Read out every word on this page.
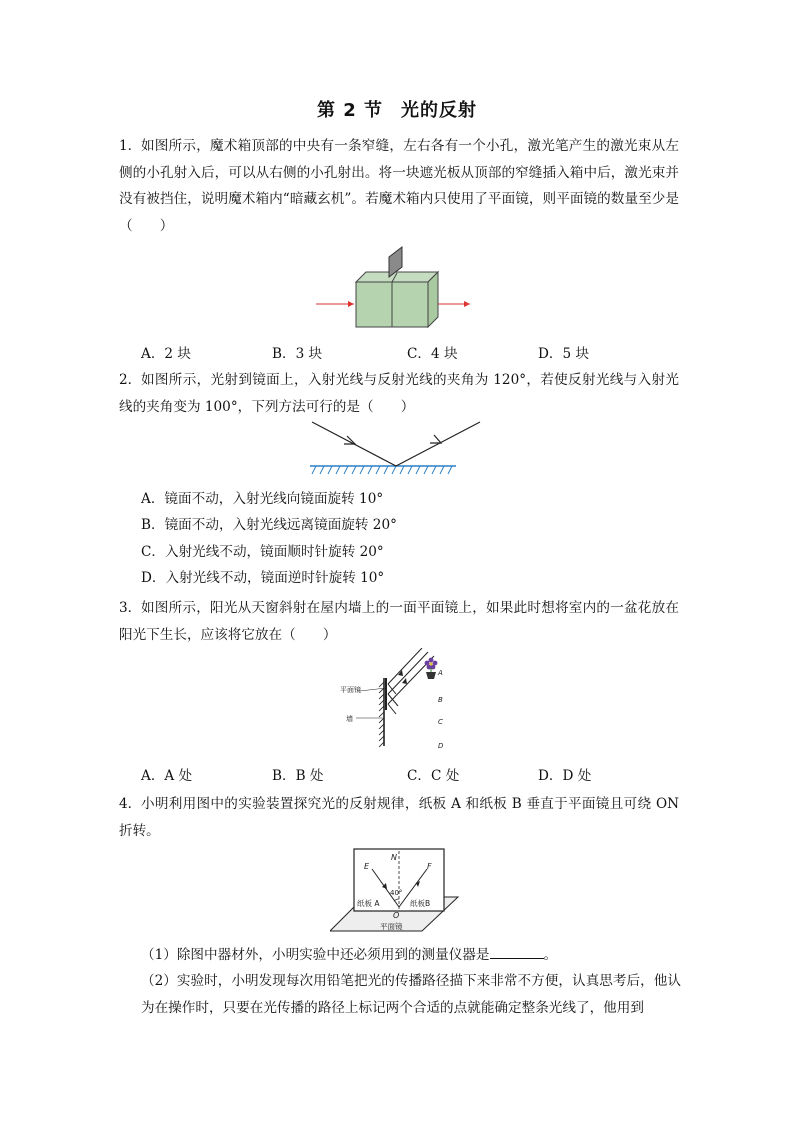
第 2 节 光的反射
1． 如图所示，魔术箱顶部的中央有一条窄缝，左右各有一个小孔，激光笔产生的激光束从左侧的小孔射入后，可以从右侧的小孔射出。将一块遮光板从顶部的窄缝插入箱中后，激光束并没有被挡住，说明魔术箱内“暗藏玄机”。若魔术箱内只使用了平面镜，则平面镜的数量至少是（　　）
A．2 块	B．3 块	C．4 块	D．5 块
2． 如图所示，光射到镜面上，入射光线与反射光线的夹角为 120°，若使反射光线与入射光线的夹角变为 100°，下列方法可行的是（　　）
A．镜面不动，入射光线向镜面旋转 10°
B．镜面不动，入射光线远离镜面旋转 20°
C．入射光线不动，镜面顺时针旋转 20°
D．入射光线不动，镜面逆时针旋转 10°
3． 如图所示，阳光从天窗斜射在屋内墙上的一面平面镜上，如果此时想将室内的一盆花放在阳光下生长，应该将它放在（　　）
平面镜
墙
A
B
C
D
A．A 处	B．B 处	C．C 处	D．D 处
4． 小明利用图中的实验装置探究光的反射规律，纸板 A 和纸板 B 垂直于平面镜且可绕 ON 折转。
E
N
F
40°
纸板 A	纸板B
O
平面镜
（1）除图中器材外，小明实验中还必须用到的测量仪器是	。
（2）实验时，小明发现每次用铅笔把光的传播路径描下来非常不方便，认真思考后，他认为在操作时，只要在光传播的路径上标记两个合适的点就能确定整条光线了，他用到
